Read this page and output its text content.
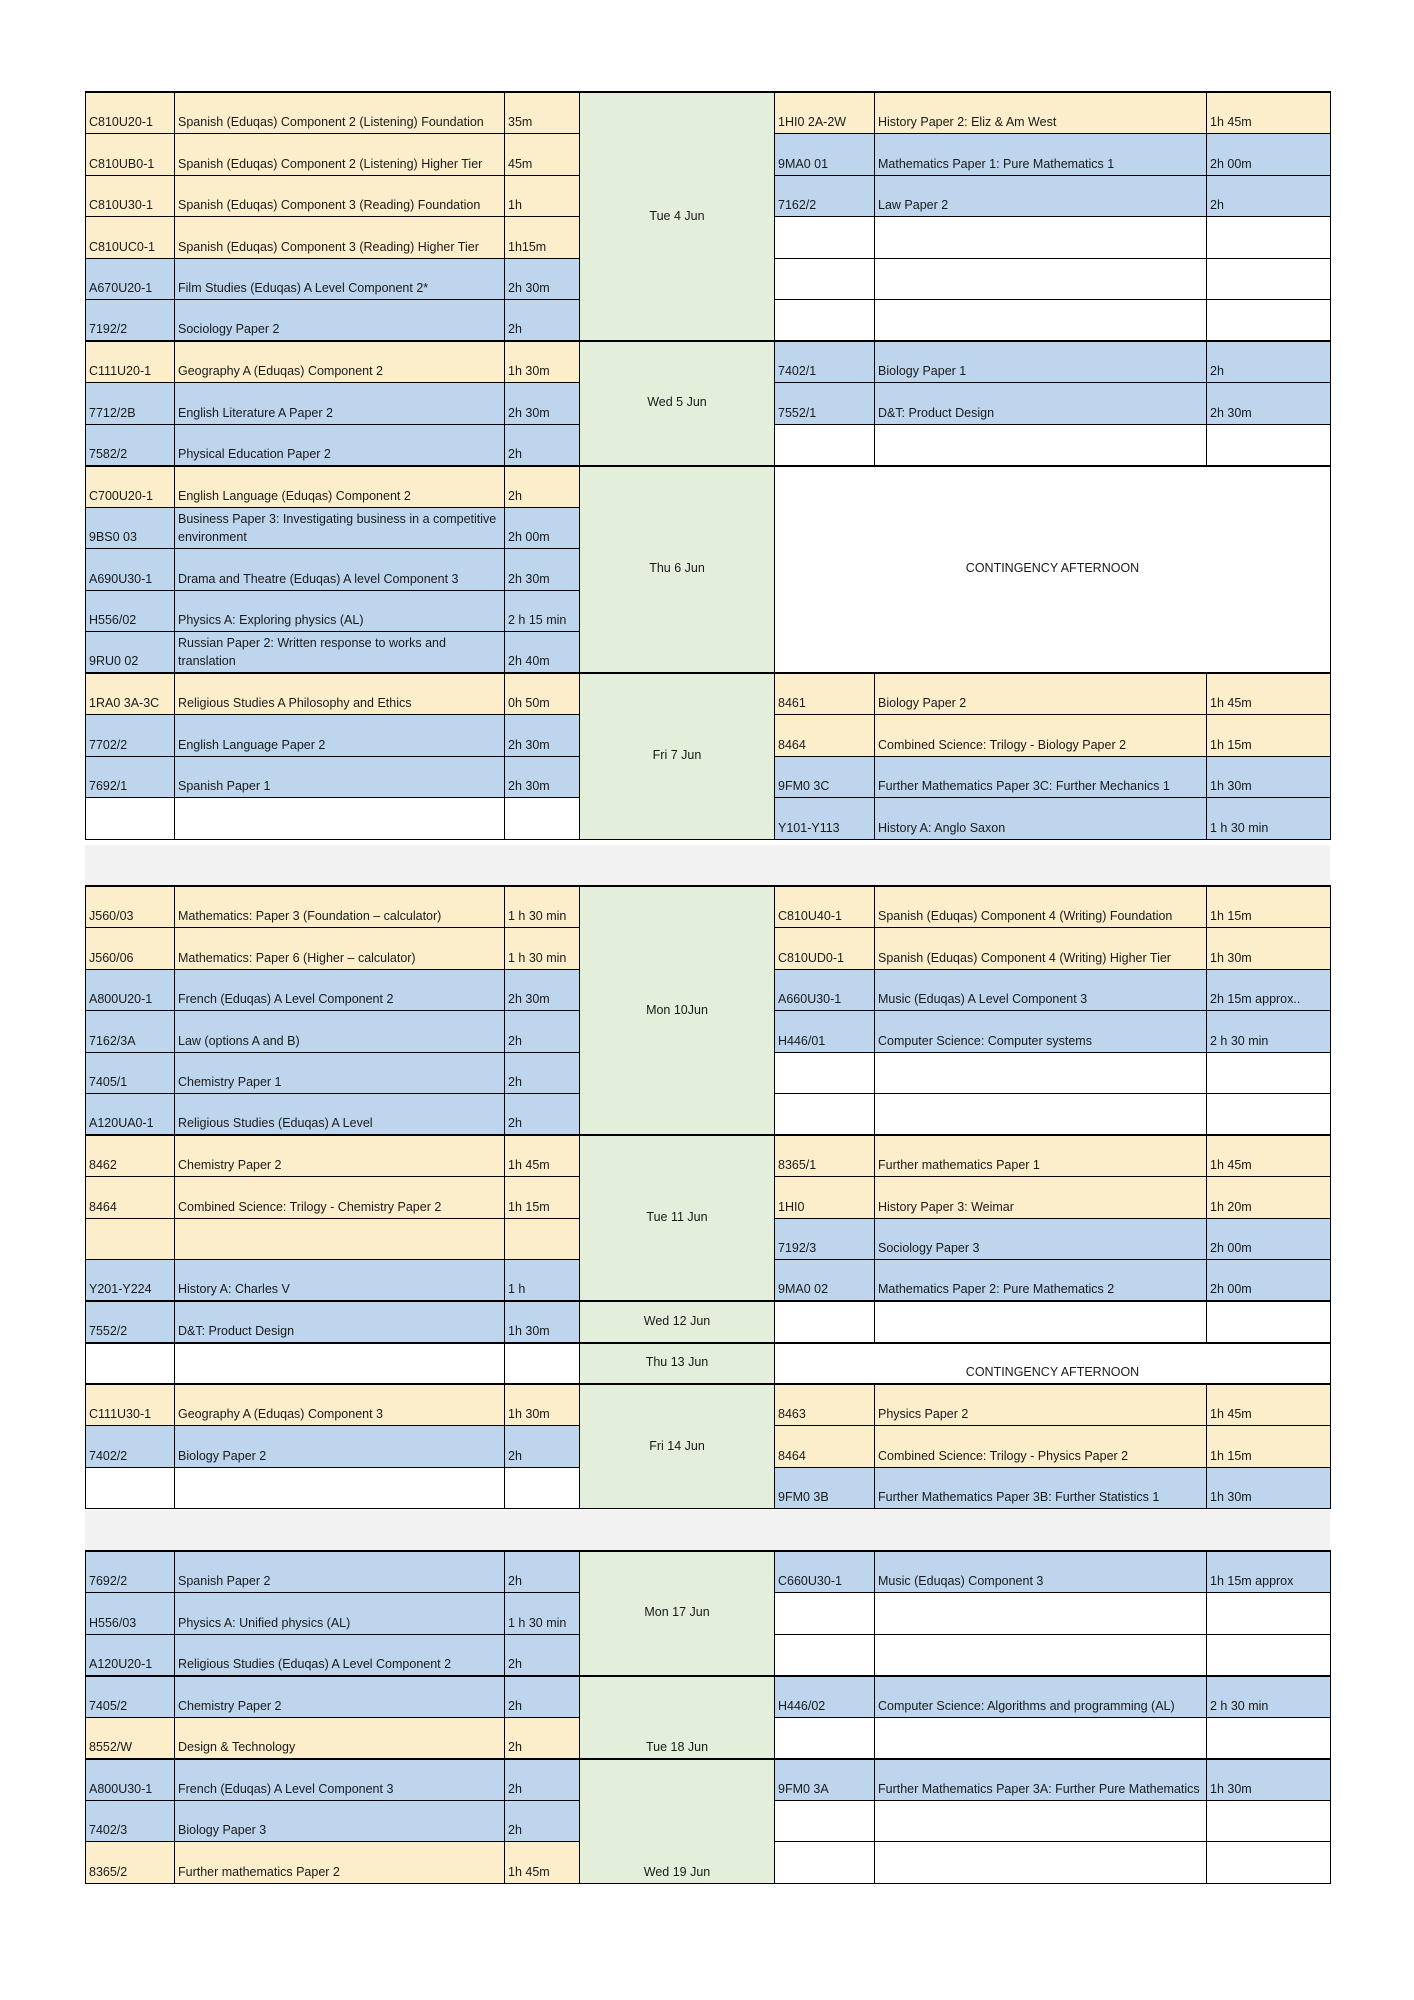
C810U20-1	Spanish (Eduqas) Component 2 (Listening) Foundation	35m	Tue 4 Jun	1HI0 2A-2W	History Paper 2: Eliz & Am West	1h 45m
C810UB0-1	Spanish (Eduqas) Component 2 (Listening) Higher Tier	45m		9MA0 01	Mathematics Paper 1: Pure Mathematics 1	2h 00m
C810U30-1	Spanish (Eduqas) Component 3 (Reading) Foundation	1h		7162/2	Law Paper 2	2h
C810UC0-1	Spanish (Eduqas) Component 3 (Reading) Higher Tier	1h15m				
A670U20-1	Film Studies (Eduqas) A Level Component 2*	2h 30m				
7192/2	Sociology Paper 2	2h				
C111U20-1	Geography A (Eduqas) Component 2	1h 30m	Wed 5 Jun	7402/1	Biology Paper 1	2h
7712/2B	English Literature A Paper 2	2h 30m		7552/1	D&T: Product Design	2h 30m
7582/2	Physical Education Paper 2	2h				
C700U20-1	English Language (Eduqas) Component 2	2h	Thu 6 Jun	CONTINGENCY AFTERNOON		
9BS0 03	Business Paper 3: Investigating business in a competitive environment	2h 00m				
A690U30-1	Drama and Theatre (Eduqas) A level Component 3	2h 30m				
H556/02	Physics A: Exploring physics (AL)	2 h 15 min				
9RU0 02	Russian Paper 2: Written response to works and translation	2h 40m				
1RA0 3A-3C	Religious Studies A Philosophy and Ethics	0h 50m	Fri 7 Jun	8461	Biology Paper 2	1h 45m
7702/2	English Language Paper 2	2h 30m		8464	Combined Science: Trilogy - Biology Paper 2	1h 15m
7692/1	Spanish Paper 1	2h 30m		9FM0 3C	Further Mathematics Paper 3C: Further Mechanics 1	1h 30m
				Y101-Y113	History A: Anglo Saxon	1 h 30 min
J560/03	Mathematics: Paper 3 (Foundation – calculator)	1 h 30 min	Mon 10Jun	C810U40-1	Spanish (Eduqas) Component 4 (Writing) Foundation	1h 15m
J560/06	Mathematics: Paper 6 (Higher – calculator)	1 h 30 min		C810UD0-1	Spanish (Eduqas) Component 4 (Writing) Higher Tier	1h 30m
A800U20-1	French (Eduqas) A Level Component 2	2h 30m		A660U30-1	Music (Eduqas) A Level Component 3	2h 15m approx..
7162/3A	Law (options A and B)	2h		H446/01	Computer Science: Computer systems	2 h 30 min
7405/1	Chemistry Paper 1	2h				
A120UA0-1	Religious Studies (Eduqas) A Level	2h				
8462	Chemistry Paper 2	1h 45m	Tue 11 Jun	8365/1	Further mathematics Paper 1	1h 45m
8464	Combined Science: Trilogy - Chemistry Paper 2	1h 15m		1HI0	History Paper 3: Weimar	1h 20m
				7192/3	Sociology Paper 3	2h 00m
Y201-Y224	History A: Charles V	1 h		9MA0 02	Mathematics Paper 2: Pure Mathematics 2	2h 00m
7552/2	D&T: Product Design	1h 30m	Wed 12 Jun			
			Thu 13 Jun	CONTINGENCY AFTERNOON		
C111U30-1	Geography A (Eduqas) Component 3	1h 30m	Fri 14 Jun	8463	Physics Paper 2	1h 45m
7402/2	Biology Paper 2	2h		8464	Combined Science: Trilogy - Physics Paper 2	1h 15m
				9FM0 3B	Further Mathematics Paper 3B: Further Statistics 1	1h 30m
7692/2	Spanish Paper 2	2h	Mon 17 Jun	C660U30-1	Music (Eduqas) Component 3	1h 15m approx
H556/03	Physics A: Unified physics (AL)	1 h 30 min				
A120U20-1	Religious Studies (Eduqas) A Level Component 2	2h				
7405/2	Chemistry Paper 2	2h	Tue 18 Jun	H446/02	Computer Science: Algorithms and programming (AL)	2 h 30 min
8552/W	Design & Technology	2h				
A800U30-1	French (Eduqas) A Level Component 3	2h	Wed 19 Jun	9FM0 3A	Further Mathematics Paper 3A: Further Pure Mathematics	1h 30m
7402/3	Biology Paper 3	2h				
8365/2	Further mathematics Paper 2	1h 45m				
